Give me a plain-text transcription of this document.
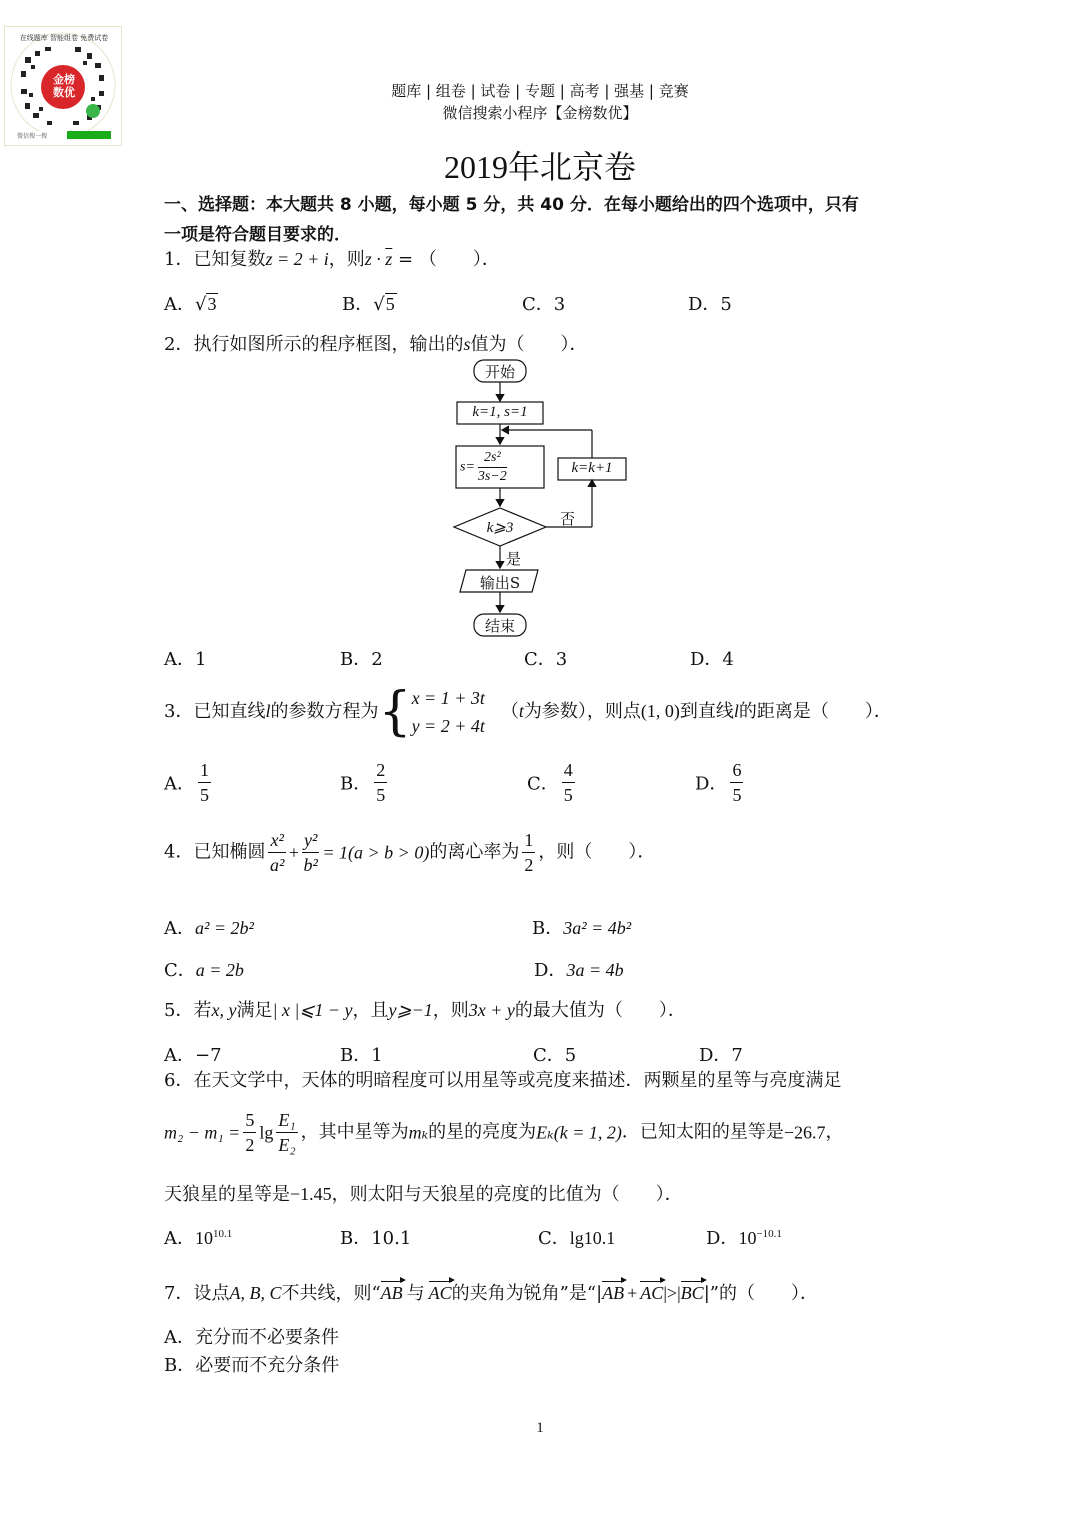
金榜数优
在线题库 智能组卷 免费试卷
微信搜一搜
题库 | 组卷 | 试卷 | 专题 | 高考 | 强基 | 竞赛
微信搜索小程序【金榜数优】
2019年北京卷
一、选择题：本大题共 8 小题，每小题 5 分，共 40 分．在每小题给出的四个选项中，只有
一项是符合题目要求的．
1．已知复数z = 2 + i，则$z \cdot \overline{z}$ = （　　）．
A．√3	B．√5	C．3	D．5
2．执行如图所示的程序框图，输出的s值为（　　）．
开始
k=1, s=1
$s= \frac{\text{2s²}}{3s-2}$	k=k+1
k⩾3	否
是
输出S
结束
A．1	B．2	C．3	D．4
3．已知直线l的参数方程为{ x = 1 + 3t
y = 2 + 4t
（t为参数），则点(1, 0)到直线l的距离是（　　）．
A． $\frac{1}{5}$	B． $\frac{2}{5}$	C． $\frac{4}{5}$	D． $\frac{6}{5}$
4．已知椭圆 $\frac{\text{x²}}{\text{a²}} + \frac{\text{y²}}{\text{b²}} = 1(a > b > 0)$的离心率为 $\frac{1}{2}$ ，则（　　）．
A．a² = 2b²	B．3a² = 4b²
C．a = 2b	D．3a = 4b
5．若x, y满足| x |⩽1 − y，且y⩾−1，则3x + y的最大值为（　　）．
A．−7	B．1	C．5	D．7
6．在天文学中，天体的明暗程度可以用星等或亮度来描述．两颗星的星等与亮度满足
$m_2 - m_1 = \frac{5}{2}$ $\lg \frac{\text{E₁}}{\text{E₂}}$ ，其中星等为mₖ的星的亮度为Eₖ(k = 1, 2)．已知太阳的星等是−26.7，
天狼星的星等是−1.45，则太阳与天狼星的亮度的比值为（　　）．
A．$10^{10.1}$	B．10.1	C．lg10.1	D．$10^{-10.1}$
7．设点A, B, C不共线，则“AB 与 AC的夹角为锐角”是“|AB + AC|>|BC|”的（　　）．
A．充分而不必要条件
B．必要而不充分条件
1
